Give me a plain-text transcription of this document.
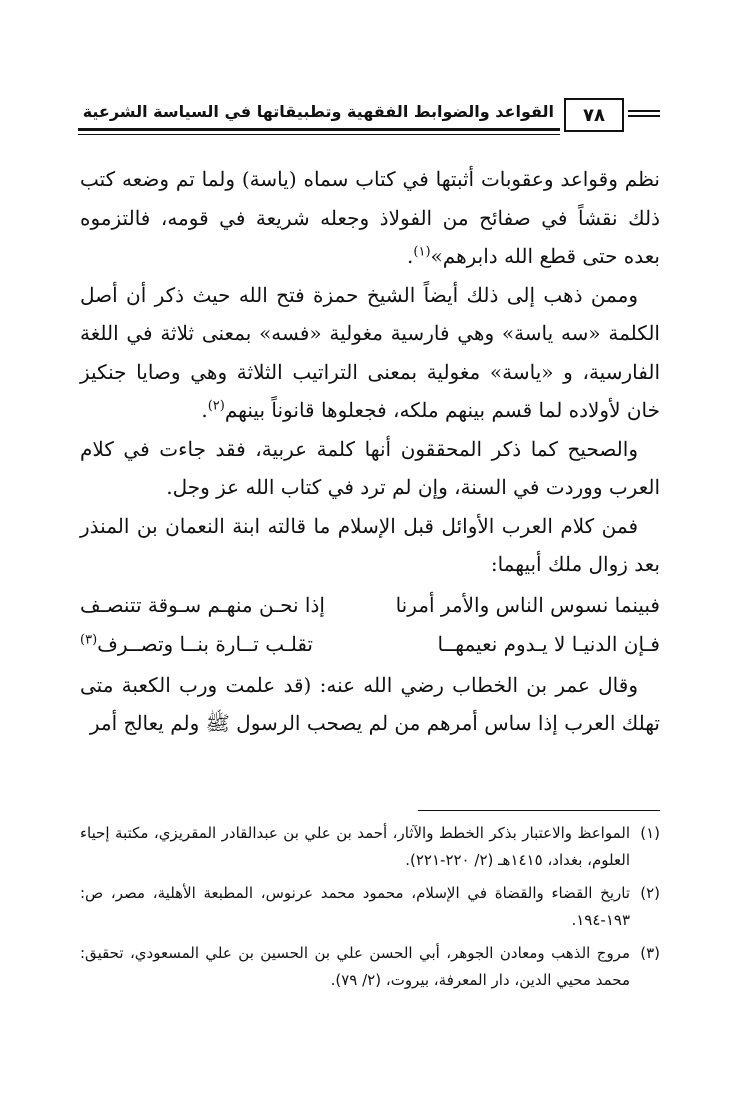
القواعد والضوابط الفقهية وتطبيقاتها في السياسة الشرعية ٧٨

نظم وقواعد وعقوبات أثبتها في كتاب سماه (ياسة) ولما تم وضعه كتب ذلك نقشاً في صفائح من الفولاذ وجعله شريعة في قومه، فالتزموه بعده حتى قطع الله دابرهم»$^{(١)}$.

وممن ذهب إلى ذلك أيضاً الشيخ حمزة فتح الله حيث ذكر أن أصل الكلمة «سه ياسة» وهي فارسية مغولية «فسه» بمعنى ثلاثة في اللغة الفارسية، و «ياسة» مغولية بمعنى التراتيب الثلاثة وهي وصايا جنكيز خان لأولاده لما قسم بينهم ملكه، فجعلوها قانوناً بينهم$^{(٢)}$.

والصحيح كما ذكر المحققون أنها كلمة عربية، فقد جاءت في كلام العرب ووردت في السنة، وإن لم ترد في كتاب الله عز وجل.

فمن كلام العرب الأوائل قبل الإسلام ما قالته ابنة النعمان بن المنذر بعد زوال ملك أبيهما:

فبينما نسوس الناس والأمر أمرنا
إذا نحـن منهـم سـوقة تتنصـف
فـإن الدنيـا لا يـدوم نعيمهــا
تقلـب تــارة بنــا وتصــرف$^{(٣)}$

وقال عمر بن الخطاب رضي الله عنه: (قد علمت ورب الكعبة متى تهلك العرب إذا ساس أمرهم من لم يصحب الرسول ﷺ ولم يعالج أمر

(١)
المواعظ والاعتبار بذكر الخطط والآثار، أحمد بن علي بن عبدالقادر المقريزي، مكتبة إحياء العلوم، بغداد، ١٤١٥هـ (٢/ ٢٢٠-٢٢١).

(٢)
تاريخ القضاء والقضاة في الإسلام، محمود محمد عرنوس، المطبعة الأهلية، مصر، ص: ١٩٣-١٩٤.

(٣)
مروج الذهب ومعادن الجوهر، أبي الحسن علي بن الحسين بن علي المسعودي، تحقيق: محمد محيي الدين، دار المعرفة، بيروت، (٢/ ٧٩).
